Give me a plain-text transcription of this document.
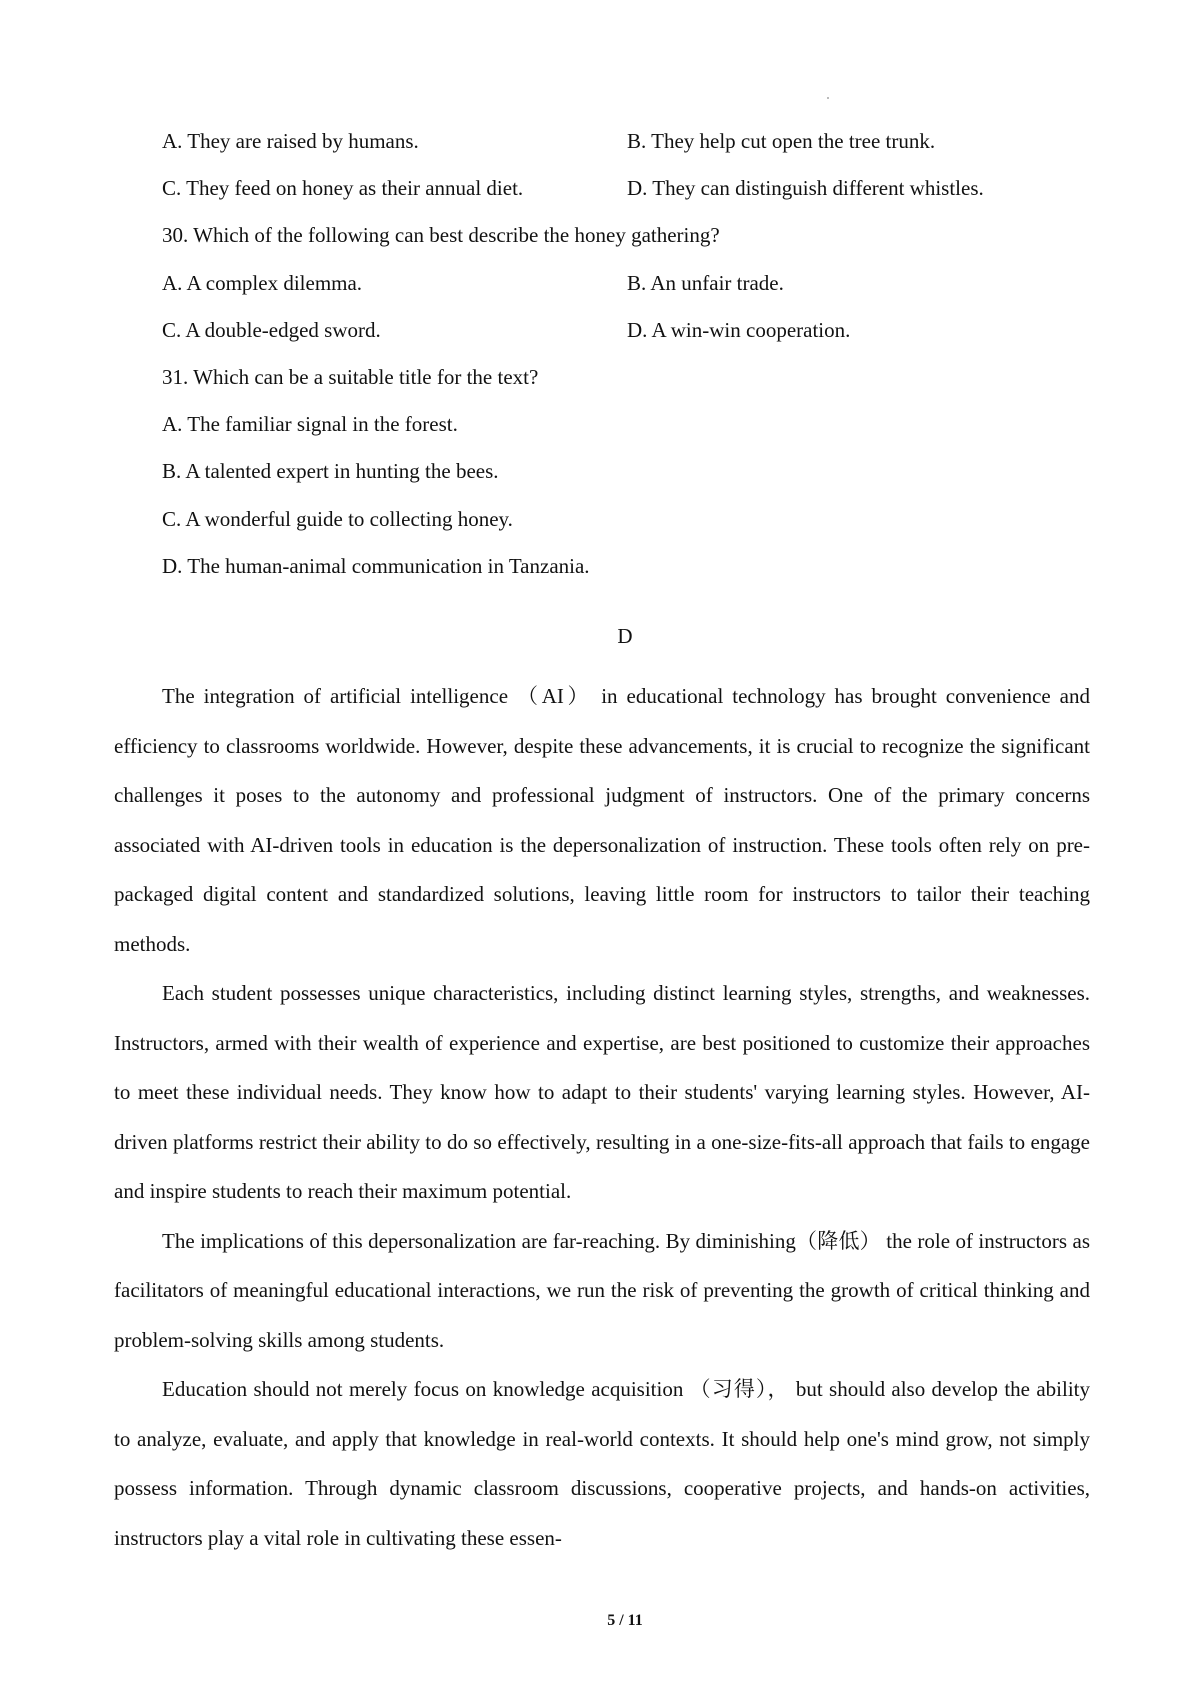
A. They are raised by humans.	B. They help cut open the tree trunk.
C. They feed on honey as their annual diet.	D. They can distinguish different whistles.
30. Which of the following can best describe the honey gathering?
A. A complex dilemma.	B. An unfair trade.
C. A double-edged sword.	D. A win-win cooperation.
31. Which can be a suitable title for the text?
A. The familiar signal in the forest.
B. A talented expert in hunting the bees.
C. A wonderful guide to collecting honey.
D. The human-animal communication in Tanzania.
D

The integration of artificial intelligence （AI） in educational technology has brought convenience and efficiency to classrooms worldwide. However, despite these advancements, it is crucial to recognize the significant challenges it poses to the autonomy and professional judgment of instructors. One of the primary concerns associated with AI-driven tools in education is the depersonalization of instruction. These tools often rely on pre-packaged digital content and standardized solutions, leaving little room for instructors to tailor their teaching methods.

Each student possesses unique characteristics, including distinct learning styles, strengths, and weaknesses. Instructors, armed with their wealth of experience and expertise, are best positioned to customize their approaches to meet these individual needs. They know how to adapt to their students' varying learning styles. However, AI-driven platforms restrict their ability to do so effectively, resulting in a one-size-fits-all approach that fails to engage and inspire students to reach their maximum potential.

The implications of this depersonalization are far-reaching. By diminishing（降低） the role of instructors as facilitators of meaningful educational interactions, we run the risk of preventing the growth of critical thinking and problem-solving skills among students.

Education should not merely focus on knowledge acquisition （习得）， but should also develop the ability to analyze, evaluate, and apply that knowledge in real-world contexts. It should help one's mind grow, not simply possess information. Through dynamic classroom discussions, cooperative projects, and hands-on activities, instructors play a vital role in cultivating these essen-

5 / 11
